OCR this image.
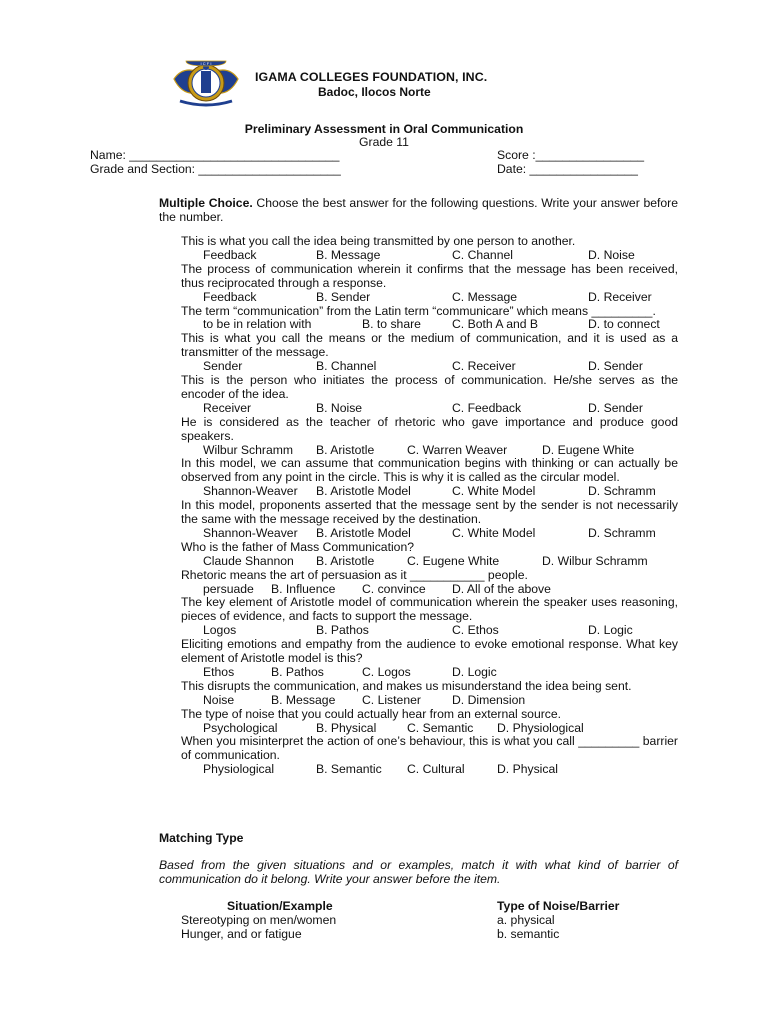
I C F I
IGAMA COLLEGES FOUNDATION, INC.
Badoc, Ilocos Norte
Preliminary Assessment in Oral Communication
Grade 11
Name: _______________________________	Score :________________
Grade and Section: _____________________	Date: ________________
Multiple Choice. Choose the best answer for the following questions. Write your answer before the number.
This is what you call the idea being transmitted by one person to another.
Feedback	B. Message	C. Channel	D. Noise
The process of communication wherein it confirms that the message has been received, thus reciprocated through a response.
Feedback	B. Sender	C. Message	D. Receiver
The term “communication” from the Latin term “communicare” which means _________.
to be in relation with	B. to share	C. Both A and B	D. to connect
This is what you call the means or the medium of communication, and it is used as a transmitter of the message.
Sender	B. Channel	C. Receiver	D. Sender
This is the person who initiates the process of communication. He/she serves as the encoder of the idea.
Receiver	B. Noise	C. Feedback	D. Sender
He is considered as the teacher of rhetoric who gave importance and produce good speakers.
Wilbur Schramm B. Aristotle	C. Warren Weaver	D. Eugene White
In this model, we can assume that communication begins with thinking or can actually be observed from any point in the circle. This is why it is called as the circular model.
Shannon-Weaver B. Aristotle Model	C. White Model	D. Schramm
In this model, proponents asserted that the message sent by the sender is not necessarily the same with the message received by the destination.
Shannon-Weaver B. Aristotle Model	C. White Model	D. Schramm
Who is the father of Mass Communication?
Claude Shannon B. Aristotle	C. Eugene White	D. Wilbur Schramm
Rhetoric means the art of persuasion as it ___________ people.
persuade B. Influence C. convince D. All of the above
The key element of Aristotle model of communication wherein the speaker uses reasoning, pieces of evidence, and facts to support the message.
Logos	B. Pathos	C. Ethos	D. Logic
Eliciting emotions and empathy from the audience to evoke emotional response. What key element of Aristotle model is this?
Ethos	B. Pathos	C. Logos	D. Logic
This disrupts the communication, and makes us misunderstand the idea being sent.
Noise	B. Message C. Listener	D. Dimension
The type of noise that you could actually hear from an external source.
Psychological	B. Physical	C. Semantic D. Physiological
When you misinterpret the action of one’s behaviour, this is what you call _________ barrier of communication.
Physiological	B. Semantic C. Cultural	D. Physical
Matching Type
Based from the given situations and or examples, match it with what kind of barrier of communication do it belong. Write your answer before the item.
Situation/Example	Type of Noise/Barrier
Stereotyping on men/women	a. physical
Hunger, and or fatigue	b. semantic
